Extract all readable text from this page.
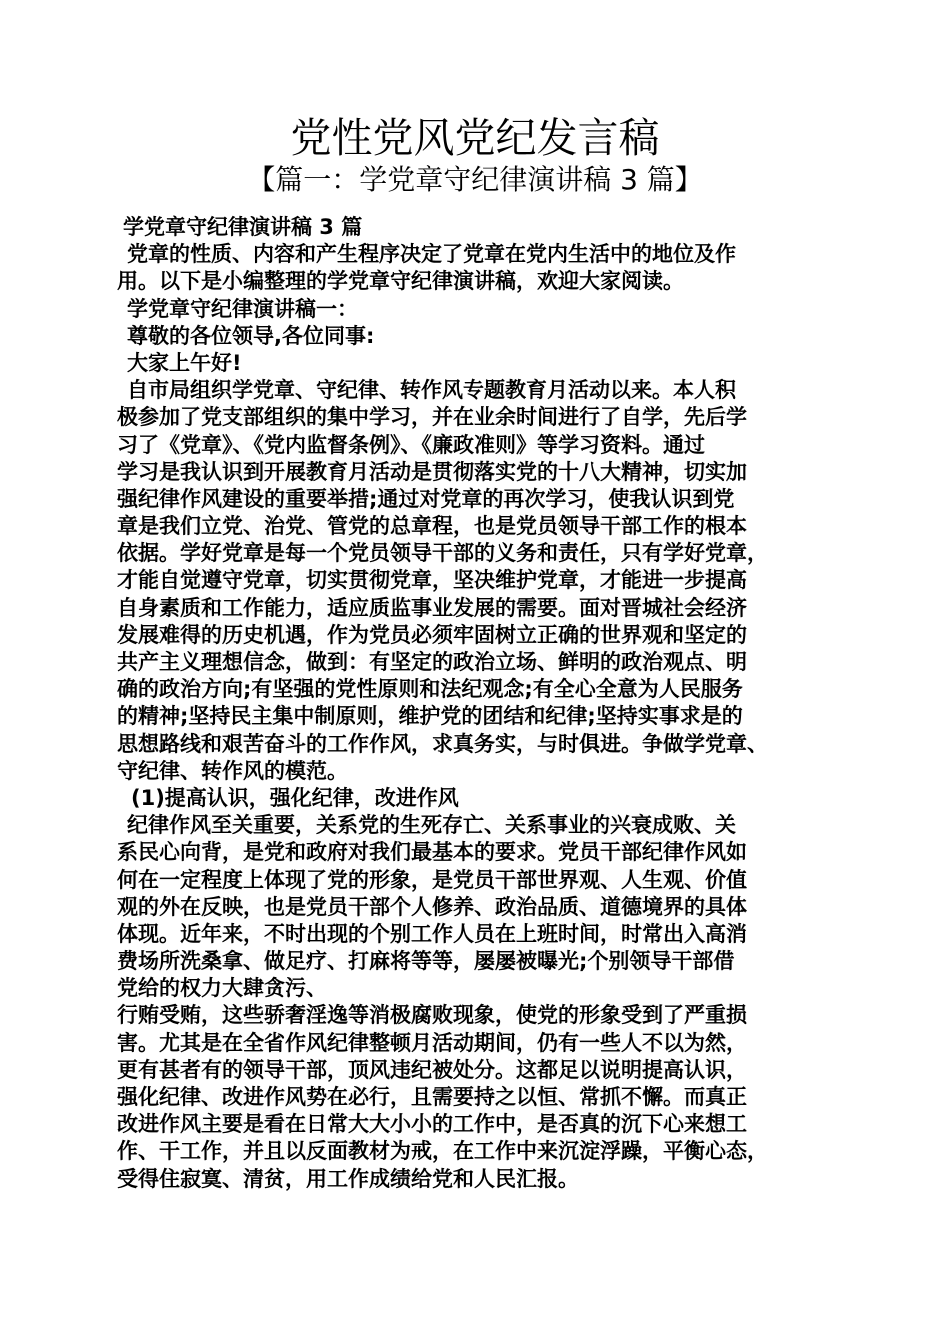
党性党风党纪发言稿
【篇一：学党章守纪律演讲稿 3 篇】
学党章守纪律演讲稿 3 篇
党章的性质、内容和产生程序决定了党章在党内生活中的地位及作
用。以下是小编整理的学党章守纪律演讲稿，欢迎大家阅读。
学党章守纪律演讲稿一：
尊敬的各位领导,各位同事:
大家上午好!
自市局组织学党章、守纪律、转作风专题教育月活动以来。本人积
极参加了党支部组织的集中学习，并在业余时间进行了自学，先后学
习了《党章》、《党内监督条例》、《廉政准则》等学习资料。通过
学习是我认识到开展教育月活动是贯彻落实党的十八大精神，切实加
强纪律作风建设的重要举措;通过对党章的再次学习，使我认识到党
章是我们立党、治党、管党的总章程，也是党员领导干部工作的根本
依据。学好党章是每一个党员领导干部的义务和责任，只有学好党章，
才能自觉遵守党章，切实贯彻党章，坚决维护党章，才能进一步提高
自身素质和工作能力，适应质监事业发展的需要。面对晋城社会经济
发展难得的历史机遇，作为党员必须牢固树立正确的世界观和坚定的
共产主义理想信念，做到：有坚定的政治立场、鲜明的政治观点、明
确的政治方向;有坚强的党性原则和法纪观念;有全心全意为人民服务
的精神;坚持民主集中制原则，维护党的团结和纪律;坚持实事求是的
思想路线和艰苦奋斗的工作作风，求真务实，与时俱进。争做学党章、
守纪律、转作风的模范。
(1)提高认识，强化纪律，改进作风
纪律作风至关重要，关系党的生死存亡、关系事业的兴衰成败、关
系民心向背，是党和政府对我们最基本的要求。党员干部纪律作风如
何在一定程度上体现了党的形象，是党员干部世界观、人生观、价值
观的外在反映，也是党员干部个人修养、政治品质、道德境界的具体
体现。近年来，不时出现的个别工作人员在上班时间，时常出入高消
费场所洗桑拿、做足疗、打麻将等等，屡屡被曝光;个别领导干部借
党给的权力大肆贪污、
行贿受贿，这些骄奢淫逸等消极腐败现象，使党的形象受到了严重损
害。尤其是在全省作风纪律整顿月活动期间，仍有一些人不以为然，
更有甚者有的领导干部，顶风违纪被处分。这都足以说明提高认识，
强化纪律、改进作风势在必行，且需要持之以恒、常抓不懈。而真正
改进作风主要是看在日常大大小小的工作中，是否真的沉下心来想工
作、干工作，并且以反面教材为戒，在工作中来沉淀浮躁，平衡心态，
受得住寂寞、清贫，用工作成绩给党和人民汇报。
